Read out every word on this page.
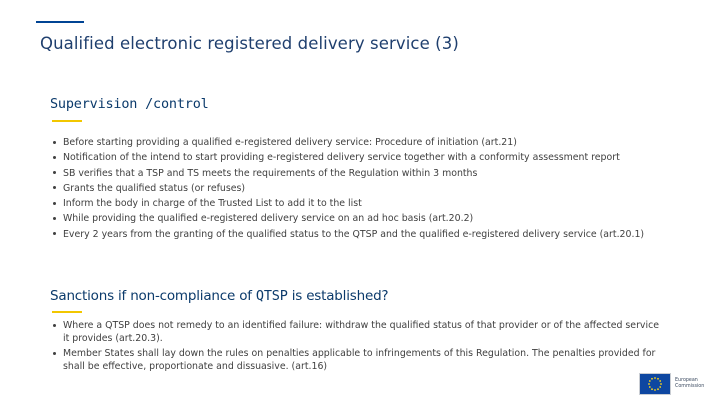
Qualified electronic registered delivery service (3)
Supervision /control
Before starting providing a qualified e-registered delivery service: Procedure of initiation (art.21)
Notification of the intend to start providing e-registered delivery service together with a conformity assessment report
SB verifies that a TSP and TS meets the requirements of the Regulation within 3 months
Grants the qualified status (or refuses)
Inform the body in charge of the Trusted List to add it to the list
While providing the qualified e-registered delivery service on an ad hoc basis (art.20.2)
Every 2 years from the granting of the qualified status to the QTSP and the qualified e-registered delivery service (art.20.1)
Sanctions if non-compliance of QTSP is established?
Where a QTSP does not remedy to an identified failure: withdraw the qualified status of that provider or of the affected service it provides (art.20.3).
Member States shall lay down the rules on penalties applicable to infringements of this Regulation. The penalties provided for shall be effective, proportionate and dissuasive. (art.16)
European
Commission
